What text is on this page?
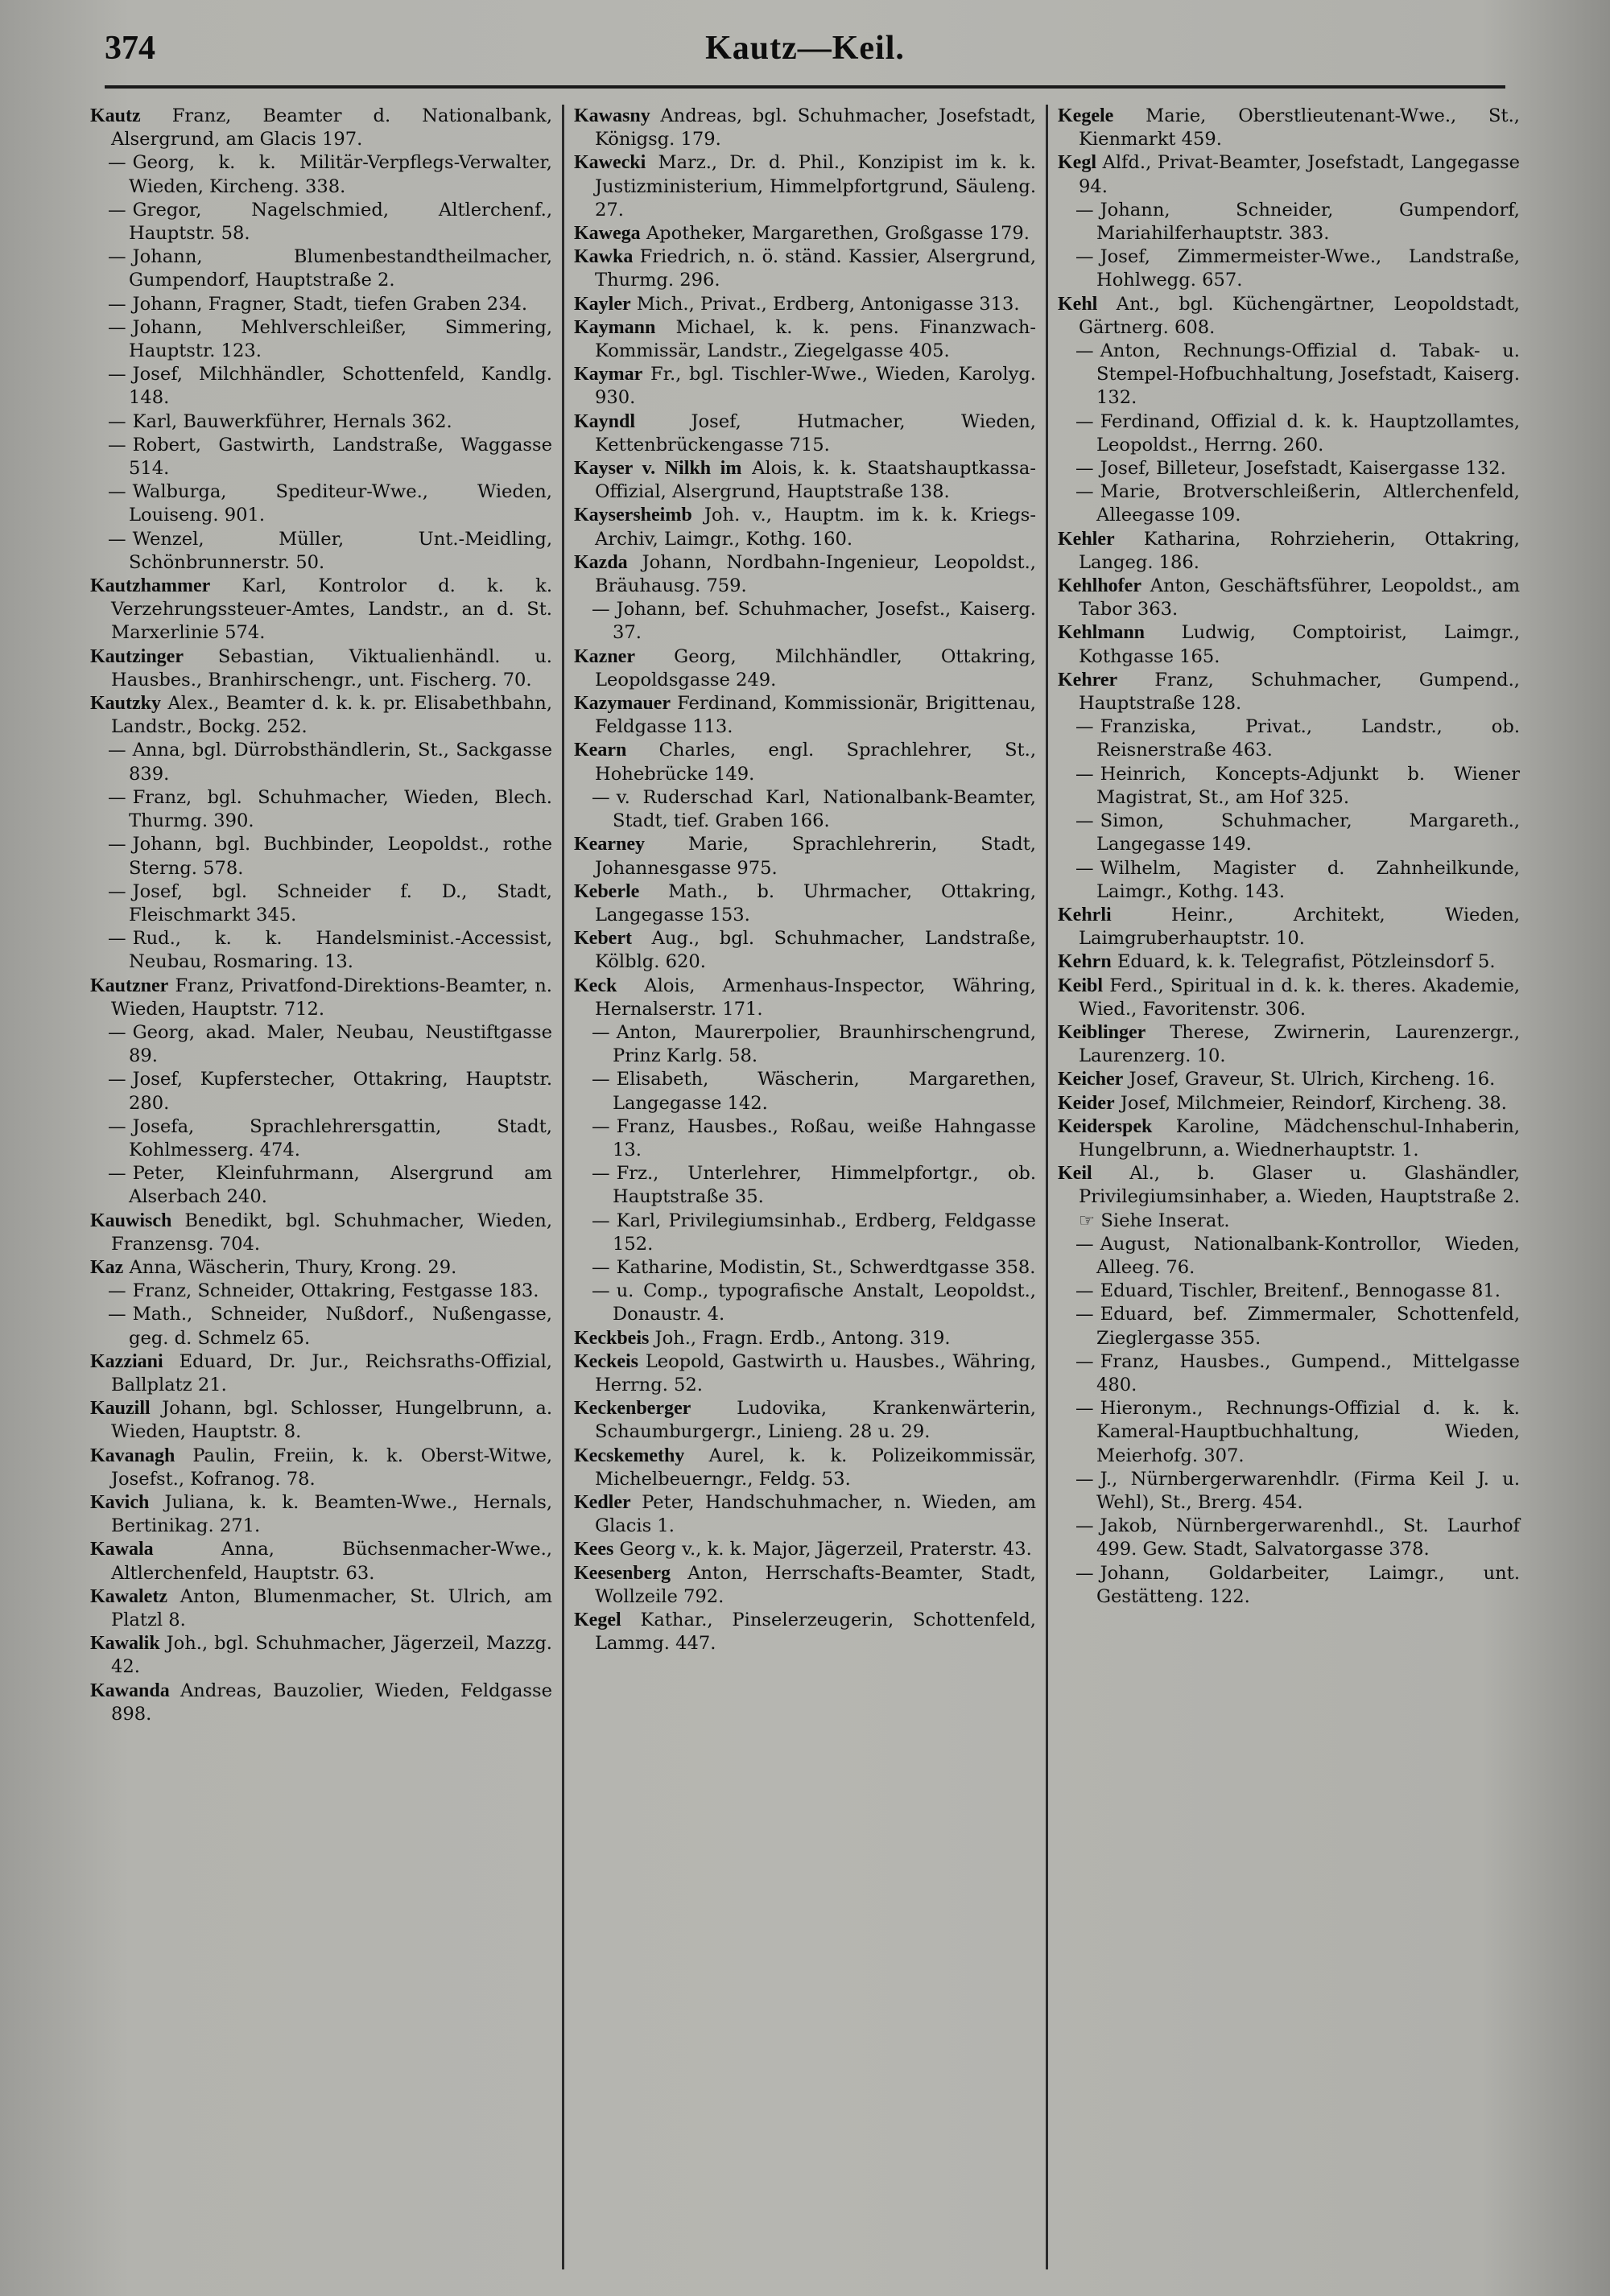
374	Kautz—Keil.

Kautz Franz, Beamter d. Nationalbank, Alsergrund, am Glacis 197.

— Georg, k. k. Militär-Verpflegs-Verwalter, Wieden, Kircheng. 338.

— Gregor, Nagelschmied, Altlerchenf., Hauptstr. 58.

— Johann, Blumenbestandtheilmacher, Gumpendorf, Hauptstraße 2.

— Johann, Fragner, Stadt, tiefen Graben 234.

— Johann, Mehlverschleißer, Simmering, Hauptstr. 123.

— Josef, Milchhändler, Schottenfeld, Kandlg. 148.

— Karl, Bauwerkführer, Hernals 362.

— Robert, Gastwirth, Landstraße, Waggasse 514.

— Walburga, Spediteur-Wwe., Wieden, Louiseng. 901.

— Wenzel, Müller, Unt.-Meidling, Schönbrunnerstr. 50.

Kautzhammer Karl, Kontrolor d. k. k. Verzehrungssteuer-Amtes, Landstr., an d. St. Marxerlinie 574.

Kautzinger Sebastian, Viktualienhändl. u. Hausbes., Branhirschengr., unt. Fischerg. 70.

Kautzky Alex., Beamter d. k. k. pr. Elisabethbahn, Landstr., Bockg. 252.

— Anna, bgl. Dürrobsthändlerin, St., Sackgasse 839.

— Franz, bgl. Schuhmacher, Wieden, Blech. Thurmg. 390.

— Johann, bgl. Buchbinder, Leopoldst., rothe Sterng. 578.

— Josef, bgl. Schneider f. D., Stadt, Fleischmarkt 345.

— Rud., k. k. Handelsminist.-Accessist, Neubau, Rosmaring. 13.

Kautzner Franz, Privatfond-Direktions-Beamter, n. Wieden, Hauptstr. 712.

— Georg, akad. Maler, Neubau, Neustiftgasse 89.

— Josef, Kupferstecher, Ottakring, Hauptstr. 280.

— Josefa, Sprachlehrersgattin, Stadt, Kohlmesserg. 474.

— Peter, Kleinfuhrmann, Alsergrund am Alserbach 240.

Kauwisch Benedikt, bgl. Schuhmacher, Wieden, Franzensg. 704.

Kaz Anna, Wäscherin, Thury, Krong. 29.

— Franz, Schneider, Ottakring, Festgasse 183.

— Math., Schneider, Nußdorf., Nußengasse, geg. d. Schmelz 65.

Kazziani Eduard, Dr. Jur., Reichsraths-Offizial, Ballplatz 21.

Kauzill Johann, bgl. Schlosser, Hungelbrunn, a. Wieden, Hauptstr. 8.

Kavanagh Paulin, Freiin, k. k. Oberst-Witwe, Josefst., Kofranog. 78.

Kavich Juliana, k. k. Beamten-Wwe., Hernals, Bertinikag. 271.

Kawala	Anna, Büchsenmacher-Wwe., Altlerchenfeld, Hauptstr. 63.

Kawaletz Anton, Blumenmacher, St. Ulrich, am Platzl 8.

Kawalik Joh., bgl. Schuhmacher, Jägerzeil, Mazzg. 42.

Kawanda Andreas, Bauzolier, Wieden, Feldgasse 898.

Kawasny Andreas, bgl. Schuhmacher, Josefstadt, Königsg. 179.

Kawecki Marz., Dr. d. Phil., Konzipist im k. k. Justizministerium, Himmelpfortgrund, Säuleng. 27.

Kawega Apotheker, Margarethen, Großgasse 179.

Kawka Friedrich, n. ö. ständ. Kassier, Alsergrund, Thurmg. 296.

Kayler Mich., Privat., Erdberg, Antonigasse 313.

Kaymann Michael, k. k. pens. Finanzwach-Kommissär, Landstr., Ziegelgasse 405.

Kaymar Fr., bgl. Tischler-Wwe., Wieden, Karolyg. 930.

Kayndl	Josef, Hutmacher, Wieden, Kettenbrückengasse 715.

Kayser v. Nilkh im Alois, k. k. Staatshauptkassa-Offizial, Alsergrund, Hauptstraße 138.

Kaysersheimb Joh. v., Hauptm. im k. k. Kriegs-Archiv, Laimgr., Kothg. 160.

Kazda Johann, Nordbahn-Ingenieur, Leopoldst., Bräuhausg. 759.

— Johann, bef. Schuhmacher, Josefst., Kaiserg. 37.

Kazner Georg, Milchhändler, Ottakring, Leopoldsgasse 249.

Kazymauer Ferdinand, Kommissionär, Brigittenau, Feldgasse 113.

Kearn Charles, engl. Sprachlehrer, St., Hohebrücke 149.

— v. Ruderschad Karl, Nationalbank-Beamter, Stadt, tief. Graben 166.

Kearney Marie, Sprachlehrerin, Stadt, Johannesgasse 975.

Keberle Math., b. Uhrmacher, Ottakring, Langegasse 153.

Kebert Aug., bgl. Schuhmacher, Landstraße, Kölblg. 620.

Keck Alois, Armenhaus-Inspector, Währing, Hernalserstr. 171.

— Anton, Maurerpolier, Braunhirschengrund, Prinz Karlg. 58.

— Elisabeth, Wäscherin, Margarethen, Langegasse 142.

— Franz, Hausbes., Roßau, weiße Hahngasse 13.

— Frz., Unterlehrer, Himmelpfortgr., ob. Hauptstraße 35.

— Karl, Privilegiumsinhab., Erdberg, Feldgasse 152.

— Katharine, Modistin, St., Schwerdtgasse 358.

— u. Comp., typografische Anstalt, Leopoldst., Donaustr. 4.

Keckbeis Joh., Fragn. Erdb., Antong. 319.

Keckeis Leopold, Gastwirth u. Hausbes., Währing, Herrng. 52.

Keckenberger	Ludovika, Krankenwärterin, Schaumburgergr., Linieng. 28 u. 29.

Kecskemethy Aurel, k. k. Polizeikommissär, Michelbeuerngr., Feldg. 53.

Kedler Peter, Handschuhmacher, n. Wieden, am Glacis 1.

Kees Georg v., k. k. Major, Jägerzeil, Praterstr. 43.

Keesenberg Anton, Herrschafts-Beamter, Stadt, Wollzeile 792.

Kegel Kathar., Pinselerzeugerin, Schottenfeld, Lammg. 447.

Kegele Marie, Oberstlieutenant-Wwe., St., Kienmarkt 459.

Kegl Alfd., Privat-Beamter, Josefstadt, Langegasse 94.

— Johann, Schneider, Gumpendorf, Mariahilferhauptstr. 383.

— Josef, Zimmermeister-Wwe., Landstraße, Hohlwegg. 657.

Kehl Ant., bgl. Küchengärtner, Leopoldstadt, Gärtnerg. 608.

— Anton, Rechnungs-Offizial d. Tabak- u. Stempel-Hofbuchhaltung, Josefstadt, Kaiserg. 132.

— Ferdinand, Offizial d. k. k. Hauptzollamtes, Leopoldst., Herrng. 260.

— Josef, Billeteur, Josefstadt, Kaisergasse 132.

— Marie, Brotverschleißerin, Altlerchenfeld, Alleegasse 109.

Kehler Katharina, Rohrzieherin, Ottakring, Langeg. 186.

Kehlhofer Anton, Geschäftsführer, Leopoldst., am Tabor 363.

Kehlmann Ludwig, Comptoirist, Laimgr., Kothgasse 165.

Kehrer Franz, Schuhmacher, Gumpend., Hauptstraße 128.

— Franziska, Privat., Landstr., ob. Reisnerstraße 463.

— Heinrich, Koncepts-Adjunkt b. Wiener Magistrat, St., am Hof 325.

— Simon, Schuhmacher, Margareth., Langegasse 149.

— Wilhelm, Magister d. Zahnheilkunde, Laimgr., Kothg. 143.

Kehrli	Heinr., Architekt, Wieden, Laimgruberhauptstr. 10.

Kehrn Eduard, k. k. Telegrafist, Pötzleinsdorf 5.

Keibl Ferd., Spiritual in d. k. k. theres. Akademie, Wied., Favoritenstr. 306.

Keiblinger Therese, Zwirnerin, Laurenzergr., Laurenzerg. 10.

Keicher Josef, Graveur, St. Ulrich, Kircheng. 16.

Keider Josef, Milchmeier, Reindorf, Kircheng. 38.

Keiderspek Karoline, Mädchenschul-Inhaberin, Hungelbrunn, a. Wiednerhauptstr. 1.

Keil Al., b. Glaser u. Glashändler, Privilegiumsinhaber, a. Wieden, Hauptstraße 2. ☞ Siehe Inserat.

— August, Nationalbank-Kontrollor, Wieden, Alleeg. 76.

— Eduard, Tischler, Breitenf., Bennogasse 81.

— Eduard, bef. Zimmermaler, Schottenfeld, Zieglergasse 355.

— Franz, Hausbes., Gumpend., Mittelgasse 480.

— Hieronym., Rechnungs-Offizial d. k. k. Kameral-Hauptbuchhaltung, Wieden, Meierhofg. 307.

— J., Nürnbergerwarenhdlr. (Firma Keil J. u. Wehl), St., Brerg. 454.

— Jakob, Nürnbergerwarenhdl., St. Laurhof 499. Gew. Stadt, Salvatorgasse 378.

— Johann, Goldarbeiter, Laimgr., unt. Gestätteng. 122.
